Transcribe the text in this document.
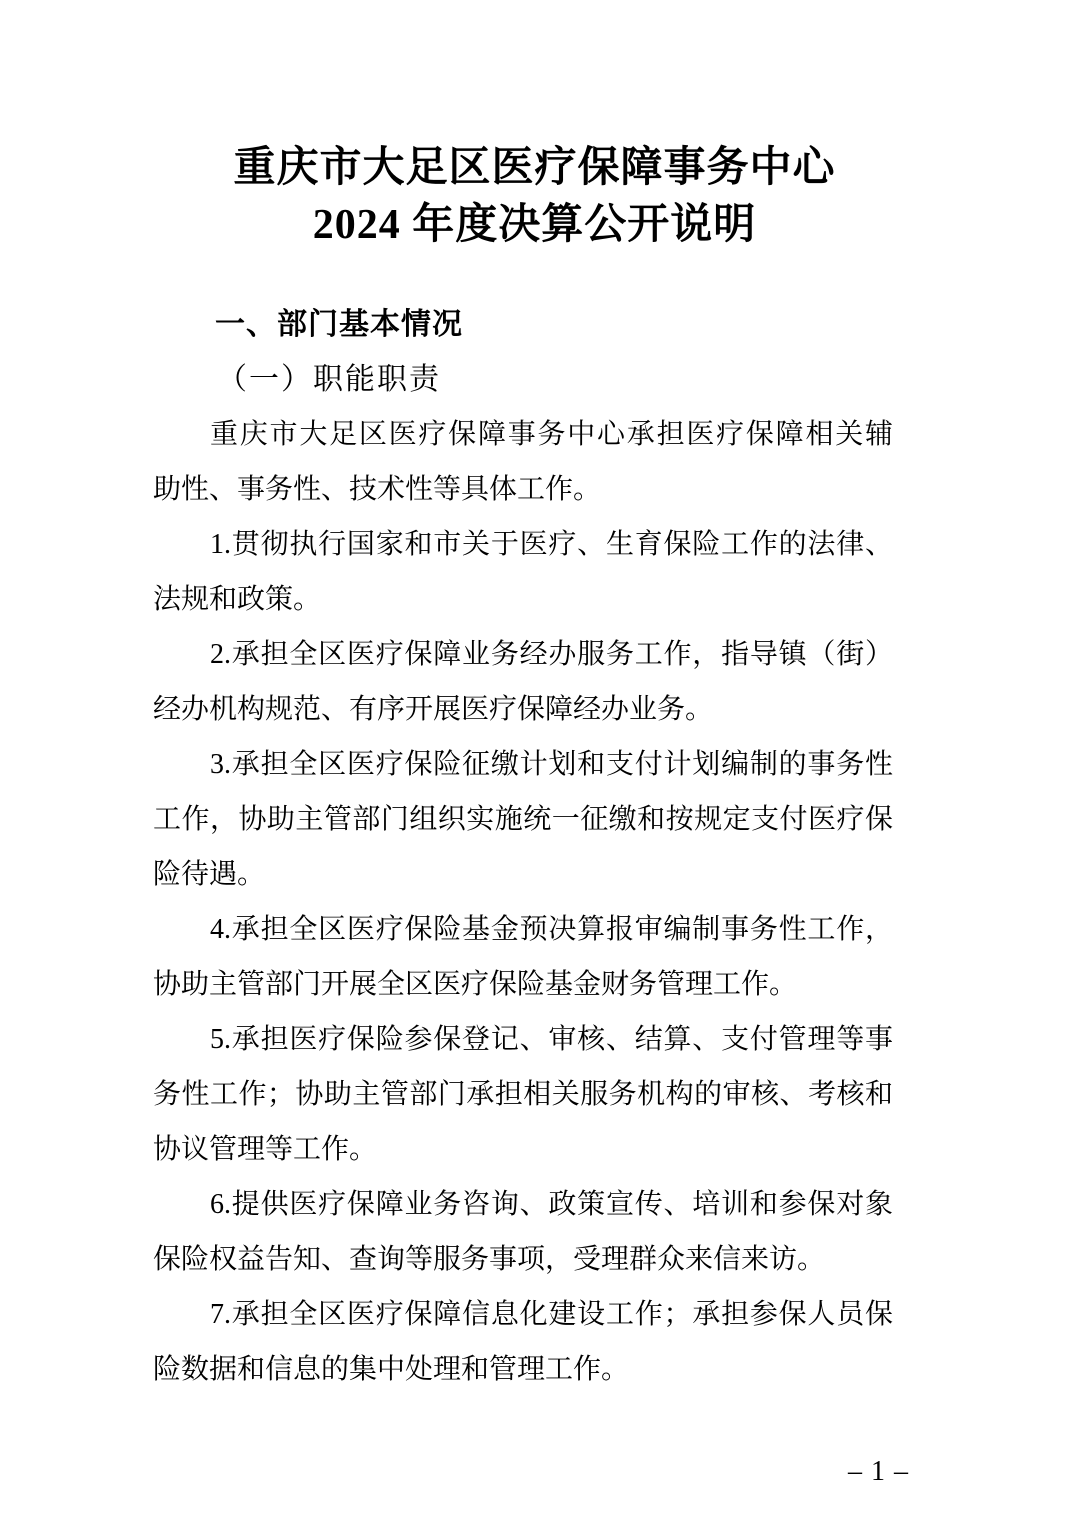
重庆市大足区医疗保障事务中心
2024 年度决算公开说明
一、部门基本情况
（一）职能职责
重庆市大足区医疗保障事务中心承担医疗保障相关辅
助性、事务性、技术性等具体工作。
1.贯彻执行国家和市关于医疗、生育保险工作的法律、
法规和政策。
2.承担全区医疗保障业务经办服务工作，指导镇（街）
经办机构规范、有序开展医疗保障经办业务。
3.承担全区医疗保险征缴计划和支付计划编制的事务性
工作，协助主管部门组织实施统一征缴和按规定支付医疗保
险待遇。
4.承担全区医疗保险基金预决算报审编制事务性工作，
协助主管部门开展全区医疗保险基金财务管理工作。
5.承担医疗保险参保登记、审核、结算、支付管理等事
务性工作；协助主管部门承担相关服务机构的审核、考核和
协议管理等工作。
6.提供医疗保障业务咨询、政策宣传、培训和参保对象
保险权益告知、查询等服务事项，受理群众来信来访。
7.承担全区医疗保障信息化建设工作；承担参保人员保
险数据和信息的集中处理和管理工作。
– 1 –
